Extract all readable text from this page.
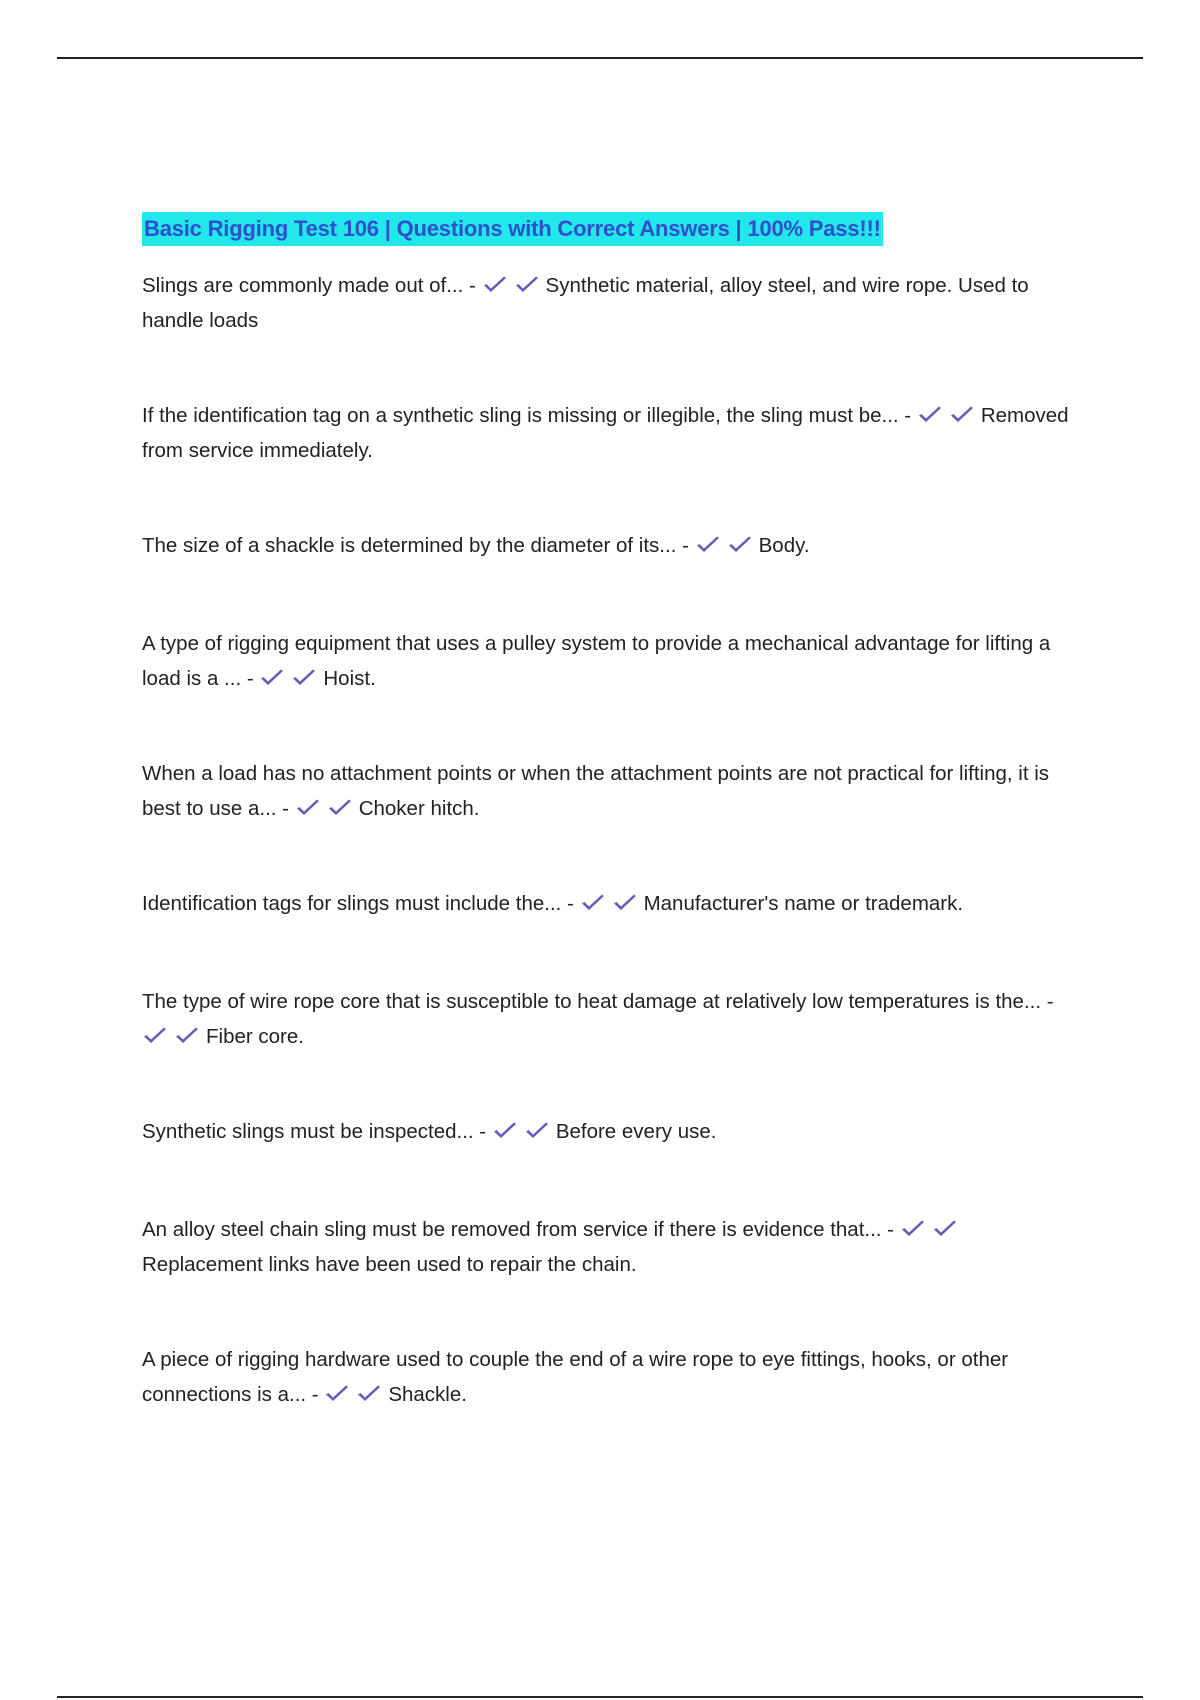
Basic Rigging Test 106 | Questions with Correct Answers | 100% Pass!!!

Slings are commonly made out of... -	Synthetic material, alloy steel, and wire rope. Used to handle loads

If the identification tag on a synthetic sling is missing or illegible, the sling must be... -	Removed from service immediately.

The size of a shackle is determined by the diameter of its... -	Body.

A type of rigging equipment that uses a pulley system to provide a mechanical advantage for lifting a load is a ... -	Hoist.

When a load has no attachment points or when the attachment points are not practical for lifting, it is best to use a... -	Choker hitch.

Identification tags for slings must include the... -	Manufacturer's name or trademark.

The type of wire rope core that is susceptible to heat damage at relatively low temperatures is the... -
Fiber core.

Synthetic slings must be inspected... -	Before every use.

An alloy steel chain sling must be removed from service if there is evidence that... -
Replacement links have been used to repair the chain.

A piece of rigging hardware used to couple the end of a wire rope to eye fittings, hooks, or other connections is a... -	Shackle.
